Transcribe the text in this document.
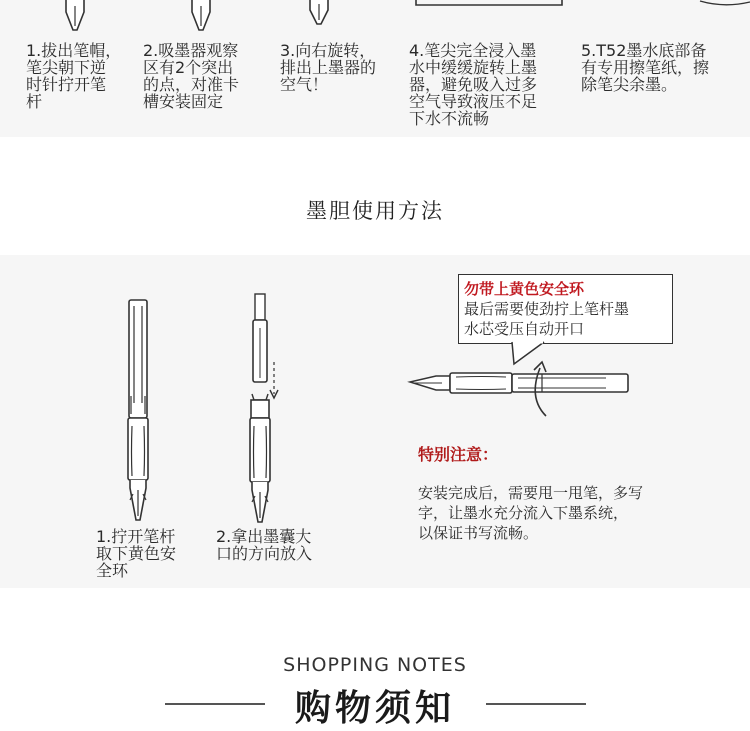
1.拔出笔帽，
笔尖朝下逆
时针拧开笔
杆

2.吸墨器观察
区有2个突出
的点，对准卡
槽安装固定

3.向右旋转，
排出上墨器的
空气！

4.笔尖完全浸入墨
水中缓缓旋转上墨
器，避免吸入过多
空气导致液压不足
下水不流畅

5.T52墨水底部备
有专用擦笔纸，擦
除笔尖余墨。

墨胆使用方法

1.拧开笔杆
取下黄色安
全环

2.拿出墨囊大
口的方向放入

勿带上黄色安全环
最后需要使劲拧上笔杆墨
水芯受压自动开口
特别注意：
安装完成后，需要甩一甩笔，多写
字，让墨水充分流入下墨系统，
以保证书写流畅。
SHOPPING NOTES
购物须知
